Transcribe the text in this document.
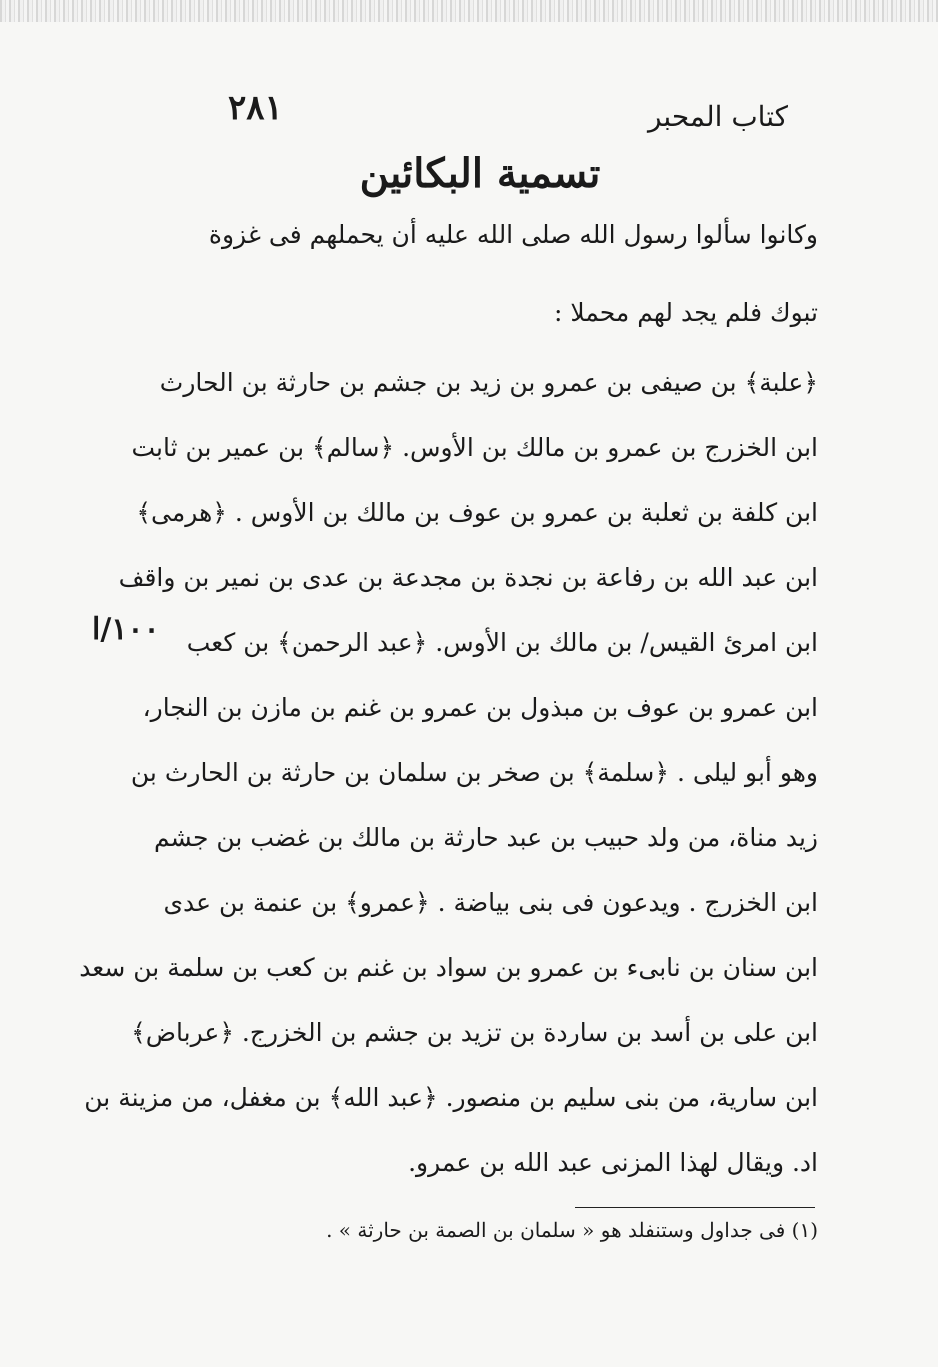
٢٨١	كتاب المحبر
تسمية البكائين
وكانوا سألوا رسول الله صلى الله عليه أن يحملهم فى غزوة
تبوك فلم يجد لهم محملا :
﴿علبة﴾ بن صيفى بن عمرو بن زيد بن جشم بن حارثة بن الحارث
ابن الخزرج بن عمرو بن مالك بن الأوس. ﴿سالم﴾ بن عمير بن ثابت
ابن كلفة بن ثعلبة بن عمرو بن عوف بن مالك بن الأوس . ﴿هرمى﴾
ابن عبد الله بن رفاعة بن نجدة بن مجدعة بن عدى بن نمير بن واقف
ابن امرئ القيس/ بن مالك بن الأوس. ﴿عبد الرحمن﴾ بن كعب
ابن عمرو بن عوف بن مبذول بن عمرو بن غنم بن مازن بن النجار،
وهو أبو ليلى . ﴿سلمة﴾ بن صخر بن سلمان بن حارثة بن الحارث بن
زيد مناة، من ولد حبيب بن عبد حارثة بن مالك بن غضب بن جشم
ابن الخزرج . ويدعون فى بنى بياضة . ﴿عمرو﴾ بن عنمة بن عدى
ابن سنان بن نابىء بن عمرو بن سواد بن غنم بن كعب بن سلمة بن سعد
ابن على بن أسد بن ساردة بن تزيد بن جشم بن الخزرج. ﴿عرباض﴾
ابن سارية، من بنى سليم بن منصور. ﴿عبد الله﴾ بن مغفل، من مزينة بن
اد. ويقال لهذا المزنى عبد الله بن عمرو.
١٠٠/ا
(١) فى جداول وستنفلد هو « سلمان بن الصمة بن حارثة » .
